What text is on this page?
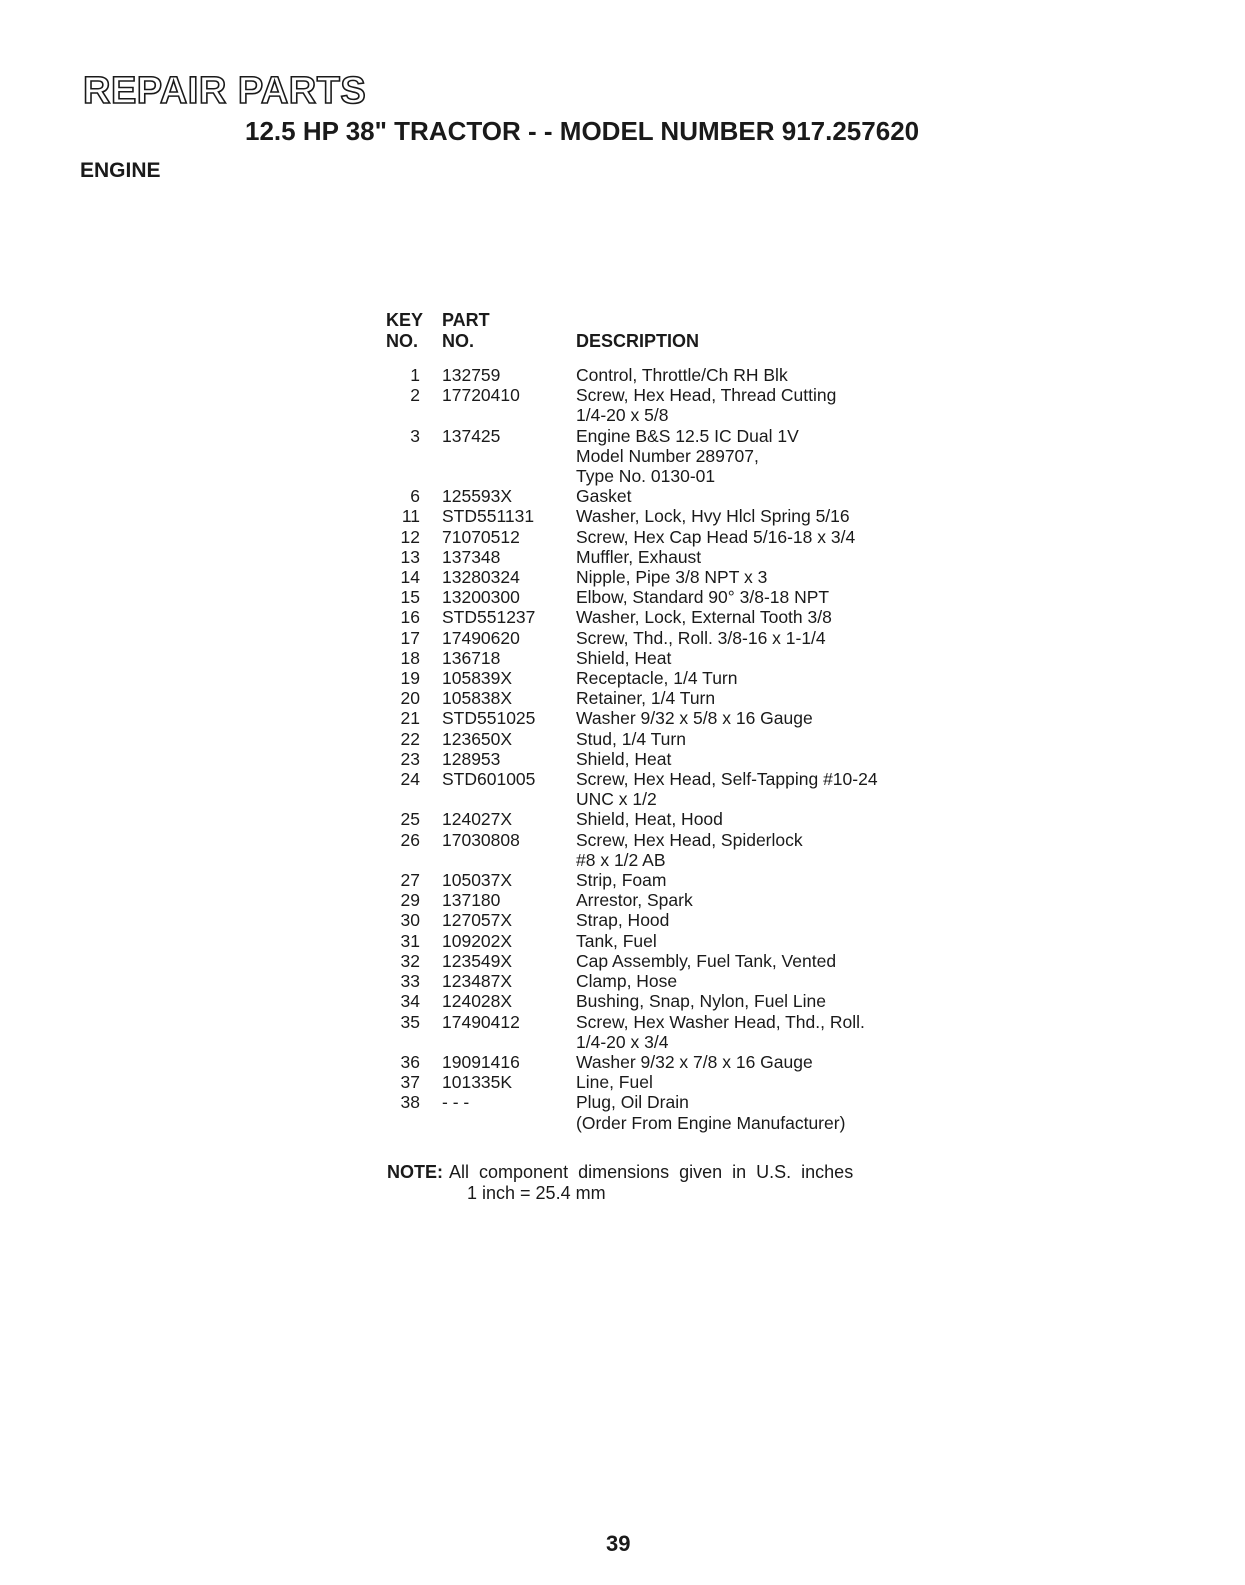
REPAIR PARTS
12.5 HP 38" TRACTOR - - MODEL NUMBER 917.257620
ENGINE
KEY
NO.	PART
NO.	DESCRIPTION

1	132759	Control, Throttle/Ch RH Blk

2	17720410	Screw, Hex Head, Thread Cutting
1/4-20 x 5/8

3	137425	Engine B&S 12.5 IC Dual 1V
Model Number 289707,
Type No. 0130-01

6	125593X	Gasket

11	STD551131	Washer, Lock, Hvy Hlcl Spring 5/16

12	71070512	Screw, Hex Cap Head 5/16-18 x 3/4

13	137348	Muffler, Exhaust

14	13280324	Nipple, Pipe 3/8 NPT x 3

15	13200300	Elbow, Standard 90° 3/8-18 NPT

16	STD551237	Washer, Lock, External Tooth 3/8

17	17490620	Screw, Thd., Roll. 3/8-16 x 1-1/4

18	136718	Shield, Heat

19	105839X	Receptacle, 1/4 Turn

20	105838X	Retainer, 1/4 Turn

21	STD551025	Washer 9/32 x 5/8 x 16 Gauge

22	123650X	Stud, 1/4 Turn

23	128953	Shield, Heat

24	STD601005	Screw, Hex Head, Self-Tapping #10-24
UNC x 1/2

25	124027X	Shield, Heat, Hood

26	17030808	Screw, Hex Head, Spiderlock
#8 x 1/2 AB

27	105037X	Strip, Foam

29	137180	Arrestor, Spark

30	127057X	Strap, Hood

31	109202X	Tank, Fuel

32	123549X	Cap Assembly, Fuel Tank, Vented

33	123487X	Clamp, Hose

34	124028X	Bushing, Snap, Nylon, Fuel Line

35	17490412	Screw, Hex Washer Head, Thd., Roll.
1/4-20 x 3/4

36	19091416	Washer 9/32 x 7/8 x 16 Gauge

37	101335K	Line, Fuel

38	- - -	Plug, Oil Drain
(Order From Engine Manufacturer)
NOTE: All component dimensions given in U.S. inches
1 inch = 25.4 mm
39
